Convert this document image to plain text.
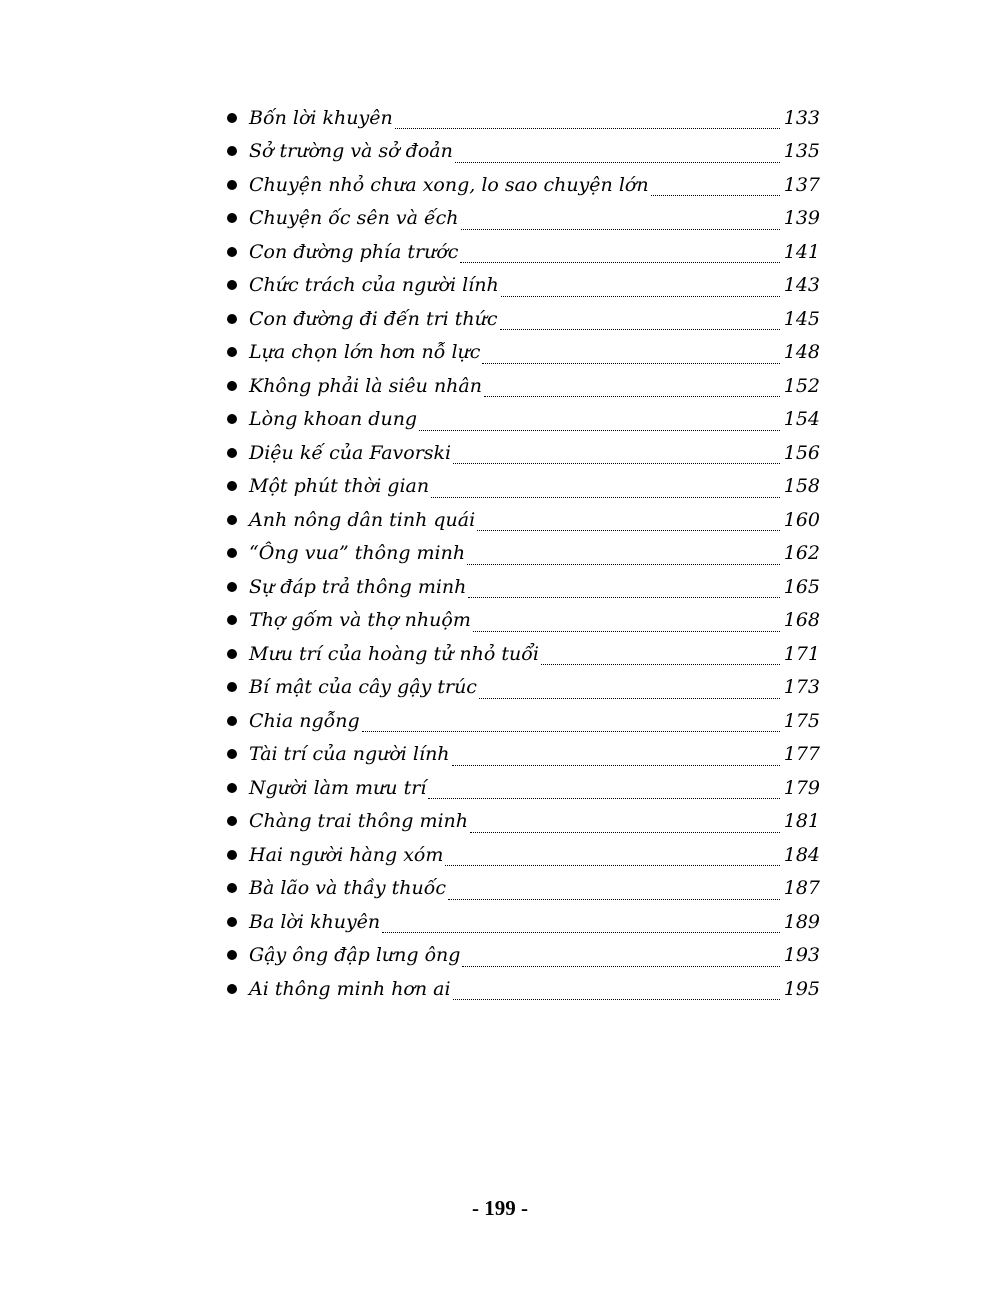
Bốn lời khuyên	133
Sở trường và sở đoản	135
Chuyện nhỏ chưa xong, lo sao chuyện lớn	137
Chuyện ốc sên và ếch	139
Con đường phía trước	141
Chức trách của người lính	143
Con đường đi đến tri thức	145
Lựa chọn lớn hơn nỗ lực	148
Không phải là siêu nhân	152
Lòng khoan dung	154
Diệu kế của Favorski	156
Một phút thời gian	158
Anh nông dân tinh quái	160
“Ông vua” thông minh	162
Sự đáp trả thông minh	165
Thợ gốm và thợ nhuộm	168
Mưu trí của hoàng tử nhỏ tuổi	171
Bí mật của cây gậy trúc	173
Chia ngỗng	175
Tài trí của người lính	177
Người làm mưu trí	179
Chàng trai thông minh	181
Hai người hàng xóm	184
Bà lão và thầy thuốc	187
Ba lời khuyên	189
Gậy ông đập lưng ông	193
Ai thông minh hơn ai	195
- 199 -
